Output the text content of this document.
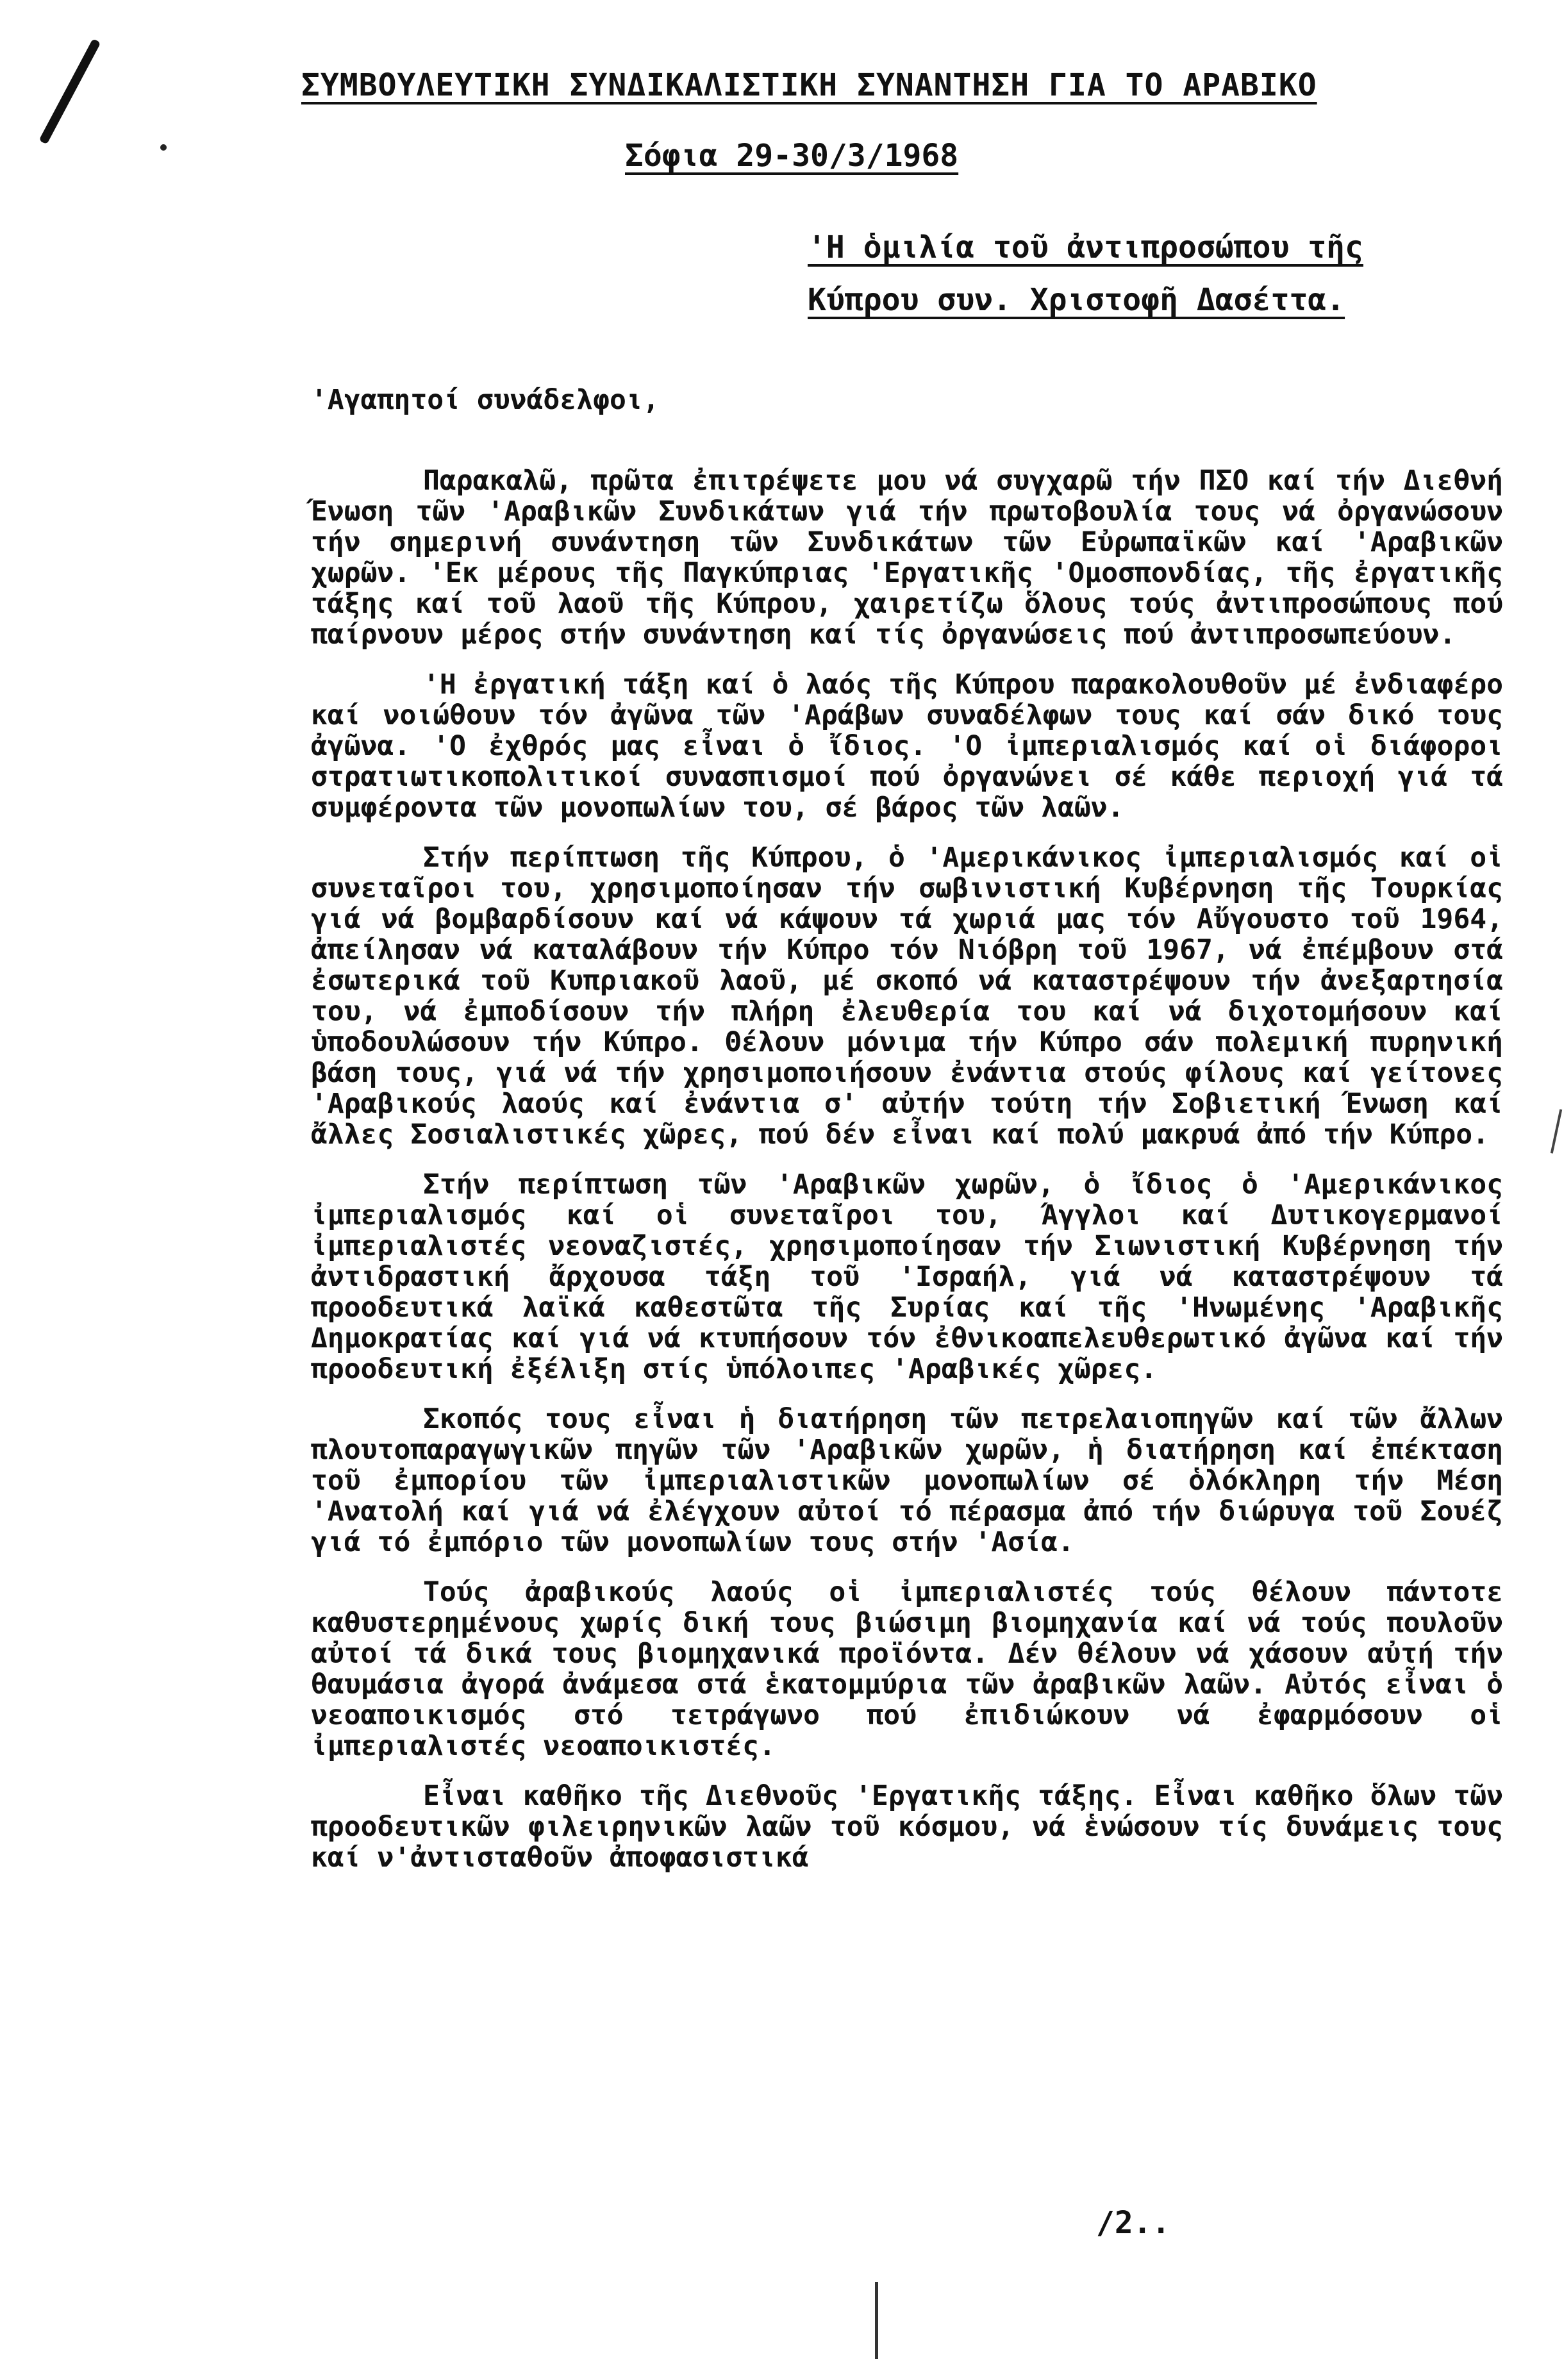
ΣΥΜΒΟΥΛΕΥΤΙΚΗ ΣΥΝΔΙΚΑΛΙΣΤΙΚΗ ΣΥΝΑΝΤΗΣΗ ΓΙΑ ΤΟ ΑΡΑΒΙΚΟ
Σόφια 29-30/3/1968
'Η ὁμιλία τοῦ ἀντιπροσώπου τῆς
Κύπρου συν. Χριστοφῆ Δασέττα.

'Αγαπητοί συνάδελφοι,

Παρακαλῶ, πρῶτα ἐπιτρέψετε μου νά συγχαρῶ τήν ΠΣΟ καί τήν Διεθνή Ένωση τῶν 'Αραβικῶν Συνδικάτων γιά τήν πρωτοβουλία τους νά ὀργανώσουν τήν σημερινή συνάντηση τῶν Συνδικάτων τῶν Εὐρωπαϊκῶν καί 'Αραβικῶν χωρῶν. 'Εκ μέρους τῆς Παγκύπριας 'Εργατικῆς 'Ομοσπονδίας, τῆς ἐργατικῆς τάξης καί τοῦ λαοῦ τῆς Κύπρου, χαιρετίζω ὅλους τούς ἀντιπροσώπους πού παίρνουν μέρος στήν συνάντηση καί τίς ὀργανώσεις πού ἀντιπροσωπεύουν.

'Η ἐργατική τάξη καί ὁ λαός τῆς Κύπρου παρακολουθοῦν μέ ἐνδιαφέρο καί νοιώθουν τόν ἀγῶνα τῶν 'Αράβων συναδέλφων τους καί σάν δικό τους ἀγῶνα. 'Ο ἐχθρός μας εἶναι ὁ ἴδιος. 'Ο ἰμπεριαλισμός καί οἱ διάφοροι στρατιωτικοπολιτικοί συνασπισμοί πού ὀργανώνει σέ κάθε περιοχή γιά τά συμφέροντα τῶν μονοπωλίων του, σέ βάρος τῶν λαῶν.

Στήν περίπτωση τῆς Κύπρου, ὁ 'Αμερικάνικος ἰμπεριαλισμός καί οἱ συνεταῖροι του, χρησιμοποίησαν τήν σωβινιστική Κυβέρνηση τῆς Τουρκίας γιά νά βομβαρδίσουν καί νά κάψουν τά χωριά μας τόν Αὔγουστο τοῦ 1964, ἀπείλησαν νά καταλάβουν τήν Κύπρο τόν Νιόβρη τοῦ 1967, νά ἐπέμβουν στά ἐσωτερικά τοῦ Κυπριακοῦ λαοῦ, μέ σκοπό νά καταστρέψουν τήν ἀνεξαρτησία του, νά ἐμποδίσουν τήν πλήρη ἐλευθερία του καί νά διχοτομήσουν καί ὑποδουλώσουν τήν Κύπρο. Θέλουν μόνιμα τήν Κύπρο σάν πολεμική πυρηνική βάση τους, γιά νά τήν χρησιμοποιήσουν ἐνάντια στούς φίλους καί γείτονες 'Αραβικούς λαούς καί ἐνάντια σ' αὐτήν τούτη τήν Σοβιετική Ένωση καί ἄλλες Σοσιαλιστικές χῶρες, πού δέν εἶναι καί πολύ μακρυά ἀπό τήν Κύπρο.

Στήν περίπτωση τῶν 'Αραβικῶν χωρῶν, ὁ ἴδιος ὁ 'Αμερικάνικος ἰμπεριαλισμός καί οἱ συνεταῖροι του, Άγγλοι καί Δυτικογερμανοί ἰμπεριαλιστές νεοναζιστές, χρησιμοποίησαν τήν Σιωνιστική Κυβέρνηση τήν ἀντιδραστική ἄρχουσα τάξη τοῦ 'Ισραήλ, γιά νά καταστρέψουν τά προοδευτικά λαϊκά καθεστῶτα τῆς Συρίας καί τῆς 'Ηνωμένης 'Αραβικῆς Δημοκρατίας καί γιά νά κτυπήσουν τόν ἐθνικοαπελευθερωτικό ἀγῶνα καί τήν προοδευτική ἐξέλιξη στίς ὑπόλοιπες 'Αραβικές χῶρες.

Σκοπός τους εἶναι ἡ διατήρηση τῶν πετρελαιοπηγῶν καί τῶν ἄλλων πλουτοπαραγωγικῶν πηγῶν τῶν 'Αραβικῶν χωρῶν, ἡ διατήρηση καί ἐπέκταση τοῦ ἐμπορίου τῶν ἰμπεριαλιστικῶν μονοπωλίων σέ ὁλόκληρη τήν Μέση 'Ανατολή καί γιά νά ἐλέγχουν αὐτοί τό πέρασμα ἀπό τήν διώρυγα τοῦ Σουέζ γιά τό ἐμπόριο τῶν μονοπωλίων τους στήν 'Ασία.

Τούς ἀραβικούς λαούς οἱ ἰμπεριαλιστές τούς θέλουν πάντοτε καθυστερημένους χωρίς δική τους βιώσιμη βιομηχανία καί νά τούς πουλοῦν αὐτοί τά δικά τους βιομηχανικά προϊόντα. Δέν θέλουν νά χάσουν αὐτή τήν θαυμάσια ἀγορά ἀνάμεσα στά ἑκατομμύρια τῶν ἀραβικῶν λαῶν. Αὐτός εἶναι ὁ νεοαποικισμός στό τετράγωνο πού ἐπιδιώκουν νά ἐφαρμόσουν οἱ ἰμπεριαλιστές νεοαποικιστές.

Εἶναι καθῆκο τῆς Διεθνοῦς 'Εργατικῆς τάξης. Εἶναι καθῆκο ὅλων τῶν προοδευτικῶν φιλειρηνικῶν λαῶν τοῦ κόσμου, νά ἑνώσουν τίς δυνάμεις τους καί ν'ἀντισταθοῦν ἀποφασιστικά

/2..
